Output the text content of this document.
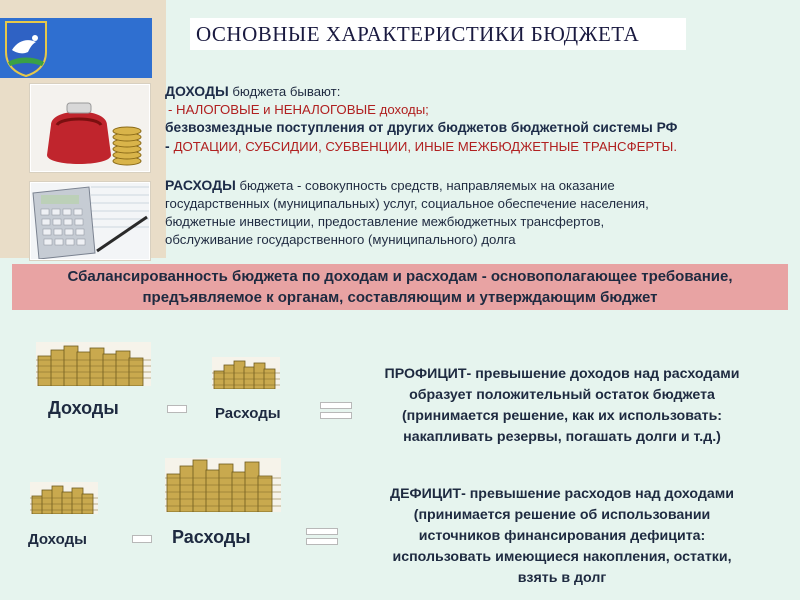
ОСНОВНЫЕ ХАРАКТЕРИСТИКИ БЮДЖЕТА
ДОХОДЫ бюджета бывают:
- НАЛОГОВЫЕ и НЕНАЛОГОВЫЕ доходы;
безвозмездные поступления от других бюджетов бюджетной системы РФ
- ДОТАЦИИ, СУБСИДИИ, СУБВЕНЦИИ, ИНЫЕ МЕЖБЮДЖЕТНЫЕ ТРАНСФЕРТЫ.
РАСХОДЫ бюджета - совокупность средств, направляемых на оказание
государственных (муниципальных) услуг, социальное обеспечение населения,
бюджетные инвестиции, предоставление межбюджетных трансфертов,
обслуживание государственного (муниципального) долга
Сбалансированность бюджета по доходам и расходам - основополагающее требование,
предъявляемое к органам, составляющим и утверждающим бюджет
Доходы	Расходы
ПРОФИЦИТ- превышение доходов над расходами
образует положительный остаток бюджета
(принимается решение, как их использовать:
накапливать резервы, погашать долги и т.д.)
Доходы	Расходы
ДЕФИЦИТ- превышение расходов над доходами
(принимается решение об использовании
источников финансирования дефицита:
использовать имеющиеся накопления, остатки,
взять в долг
